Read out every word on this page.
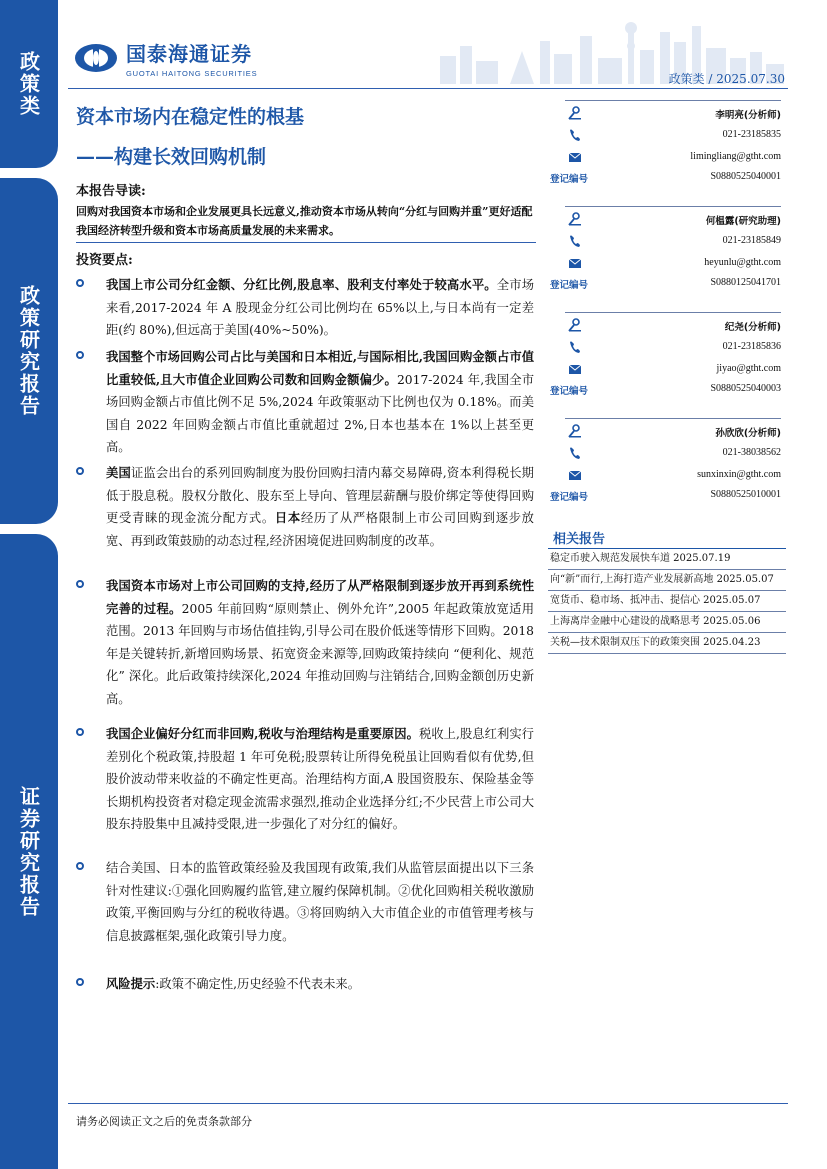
政策类
政策研究报告
证券研究报告
国泰海通证券
GUOTAI HAITONG SECURITIES	政策类 / 2025.07.30
资本市场内在稳定性的根基
——构建长效回购机制
本报告导读:
回购对我国资本市场和企业发展更具长远意义,推动资本市场从转向“分红与回购并重”更好适配我国经济转型升级和资本市场高质量发展的未来需求。
投资要点:
我国上市公司分红金额、分红比例,股息率、股利支付率处于较高水平。全市场来看,2017-2024 年 A 股现金分红公司比例均在 65%以上,与日本尚有一定差距(约 80%),但远高于美国(40%~50%)。
我国整个市场回购公司占比与美国和日本相近,与国际相比,我国回购金额占市值比重较低,且大市值企业回购公司数和回购金额偏少。2017-2024 年,我国全市场回购金额占市值比例不足 5%,2024 年政策驱动下比例也仅为 0.18%。而美国自 2022 年回购金额占市值比重就超过 2%,日本也基本在 1%以上甚至更高。
美国证监会出台的系列回购制度为股份回购扫清内幕交易障碍,资本利得税长期低于股息税。股权分散化、股东至上导向、管理层薪酬与股价绑定等使得回购更受青睐的现金流分配方式。日本经历了从严格限制上市公司回购到逐步放宽、再到政策鼓励的动态过程,经济困境促进回购制度的改革。
我国资本市场对上市公司回购的支持,经历了从严格限制到逐步放开再到系统性完善的过程。2005 年前回购“原则禁止、例外允许”,2005 年起政策放宽适用范围。2013 年回购与市场估值挂钩,引导公司在股价低迷等情形下回购。2018 年是关键转折,新增回购场景、拓宽资金来源等,回购政策持续向 “便利化、规范化” 深化。此后政策持续深化,2024 年推动回购与注销结合,回购金额创历史新高。
我国企业偏好分红而非回购,税收与治理结构是重要原因。税收上,股息红利实行差别化个税政策,持股超 1 年可免税;股票转让所得免税虽让回购看似有优势,但股价波动带来收益的不确定性更高。治理结构方面,A 股国资股东、保险基金等长期机构投资者对稳定现金流需求强烈,推动企业选择分红;不少民营上市公司大股东持股集中且减持受限,进一步强化了对分红的偏好。
结合美国、日本的监管政策经验及我国现有政策,我们从监管层面提出以下三条针对性建议:①强化回购履约监管,建立履约保障机制。②优化回购相关税收激励政策,平衡回购与分红的税收待遇。③将回购纳入大市值企业的市值管理考核与信息披露框架,强化政策引导力度。
风险提示:政策不确定性,历史经验不代表未来。
李明亮(分析师)
021-23185835
limingliang@gtht.com
登记编号	S0880525040001
何榅露(研究助理)
021-23185849
heyunlu@gtht.com
登记编号	S0880125041701
纪尧(分析师)
021-23185836
jiyao@gtht.com
登记编号	S0880525040003
孙欣欣(分析师)
021-38038562
sunxinxin@gtht.com
登记编号	S0880525010001
相关报告
稳定币驶入规范发展快车道 2025.07.19
向“新”而行,上海打造产业发展新高地 2025.05.07
宽货币、稳市场、抵冲击、提信心 2025.05.07
上海离岸金融中心建设的战略思考 2025.05.06
关税—技术限制双压下的政策突围 2025.04.23
请务必阅读正文之后的免责条款部分
